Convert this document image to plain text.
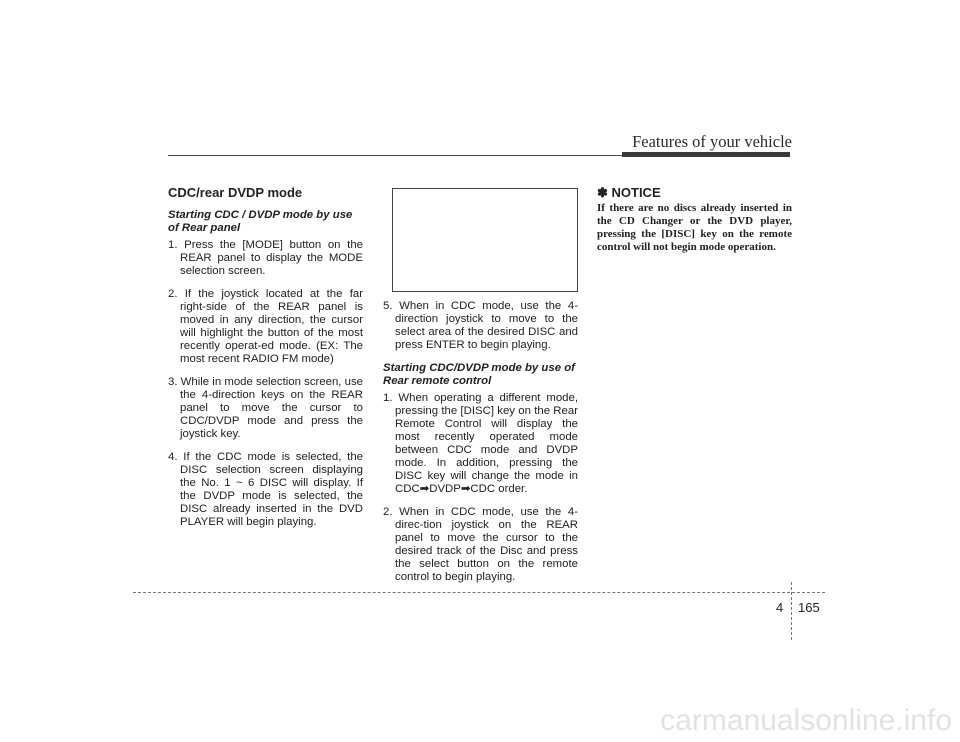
Features of your vehicle
CDC/rear DVDP mode
Starting CDC / DVDP mode by use of Rear panel
1. Press the [MODE] button on the REAR panel to display the MODE selection screen.
2. If the joystick located at the far right-side of the REAR panel is moved in any direction, the cursor will highlight the button of the most recently operat-ed mode. (EX: The most recent RADIO FM mode)
3. While in mode selection screen, use the 4-direction keys on the REAR panel to move the cursor to CDC/DVDP mode and press the joystick key.
4. If the CDC mode is selected, the DISC selection screen displaying the No. 1 ~ 6 DISC will display. If the DVDP mode is selected, the DISC already inserted in the DVD PLAYER will begin playing.
5. When in CDC mode, use the 4-direction joystick to move to the select area of the desired DISC and press ENTER to begin playing.
Starting CDC/DVDP mode by use of Rear remote control
1. When operating a different mode, pressing the [DISC] key on the Rear Remote Control will display the most recently operated mode between CDC mode and DVDP mode. In addition, pressing the DISC key will change the mode in CDC➡DVDP➡CDC order.
2. When in CDC mode, use the 4-direc-tion joystick on the REAR panel to move the cursor to the desired track of the Disc and press the select button on the remote control to begin playing.
✽ NOTICE
If there are no discs already inserted in the CD Changer or the DVD player, pressing the [DISC] key on the remote control will not begin mode operation.
4 165
carmanualsonline.info
